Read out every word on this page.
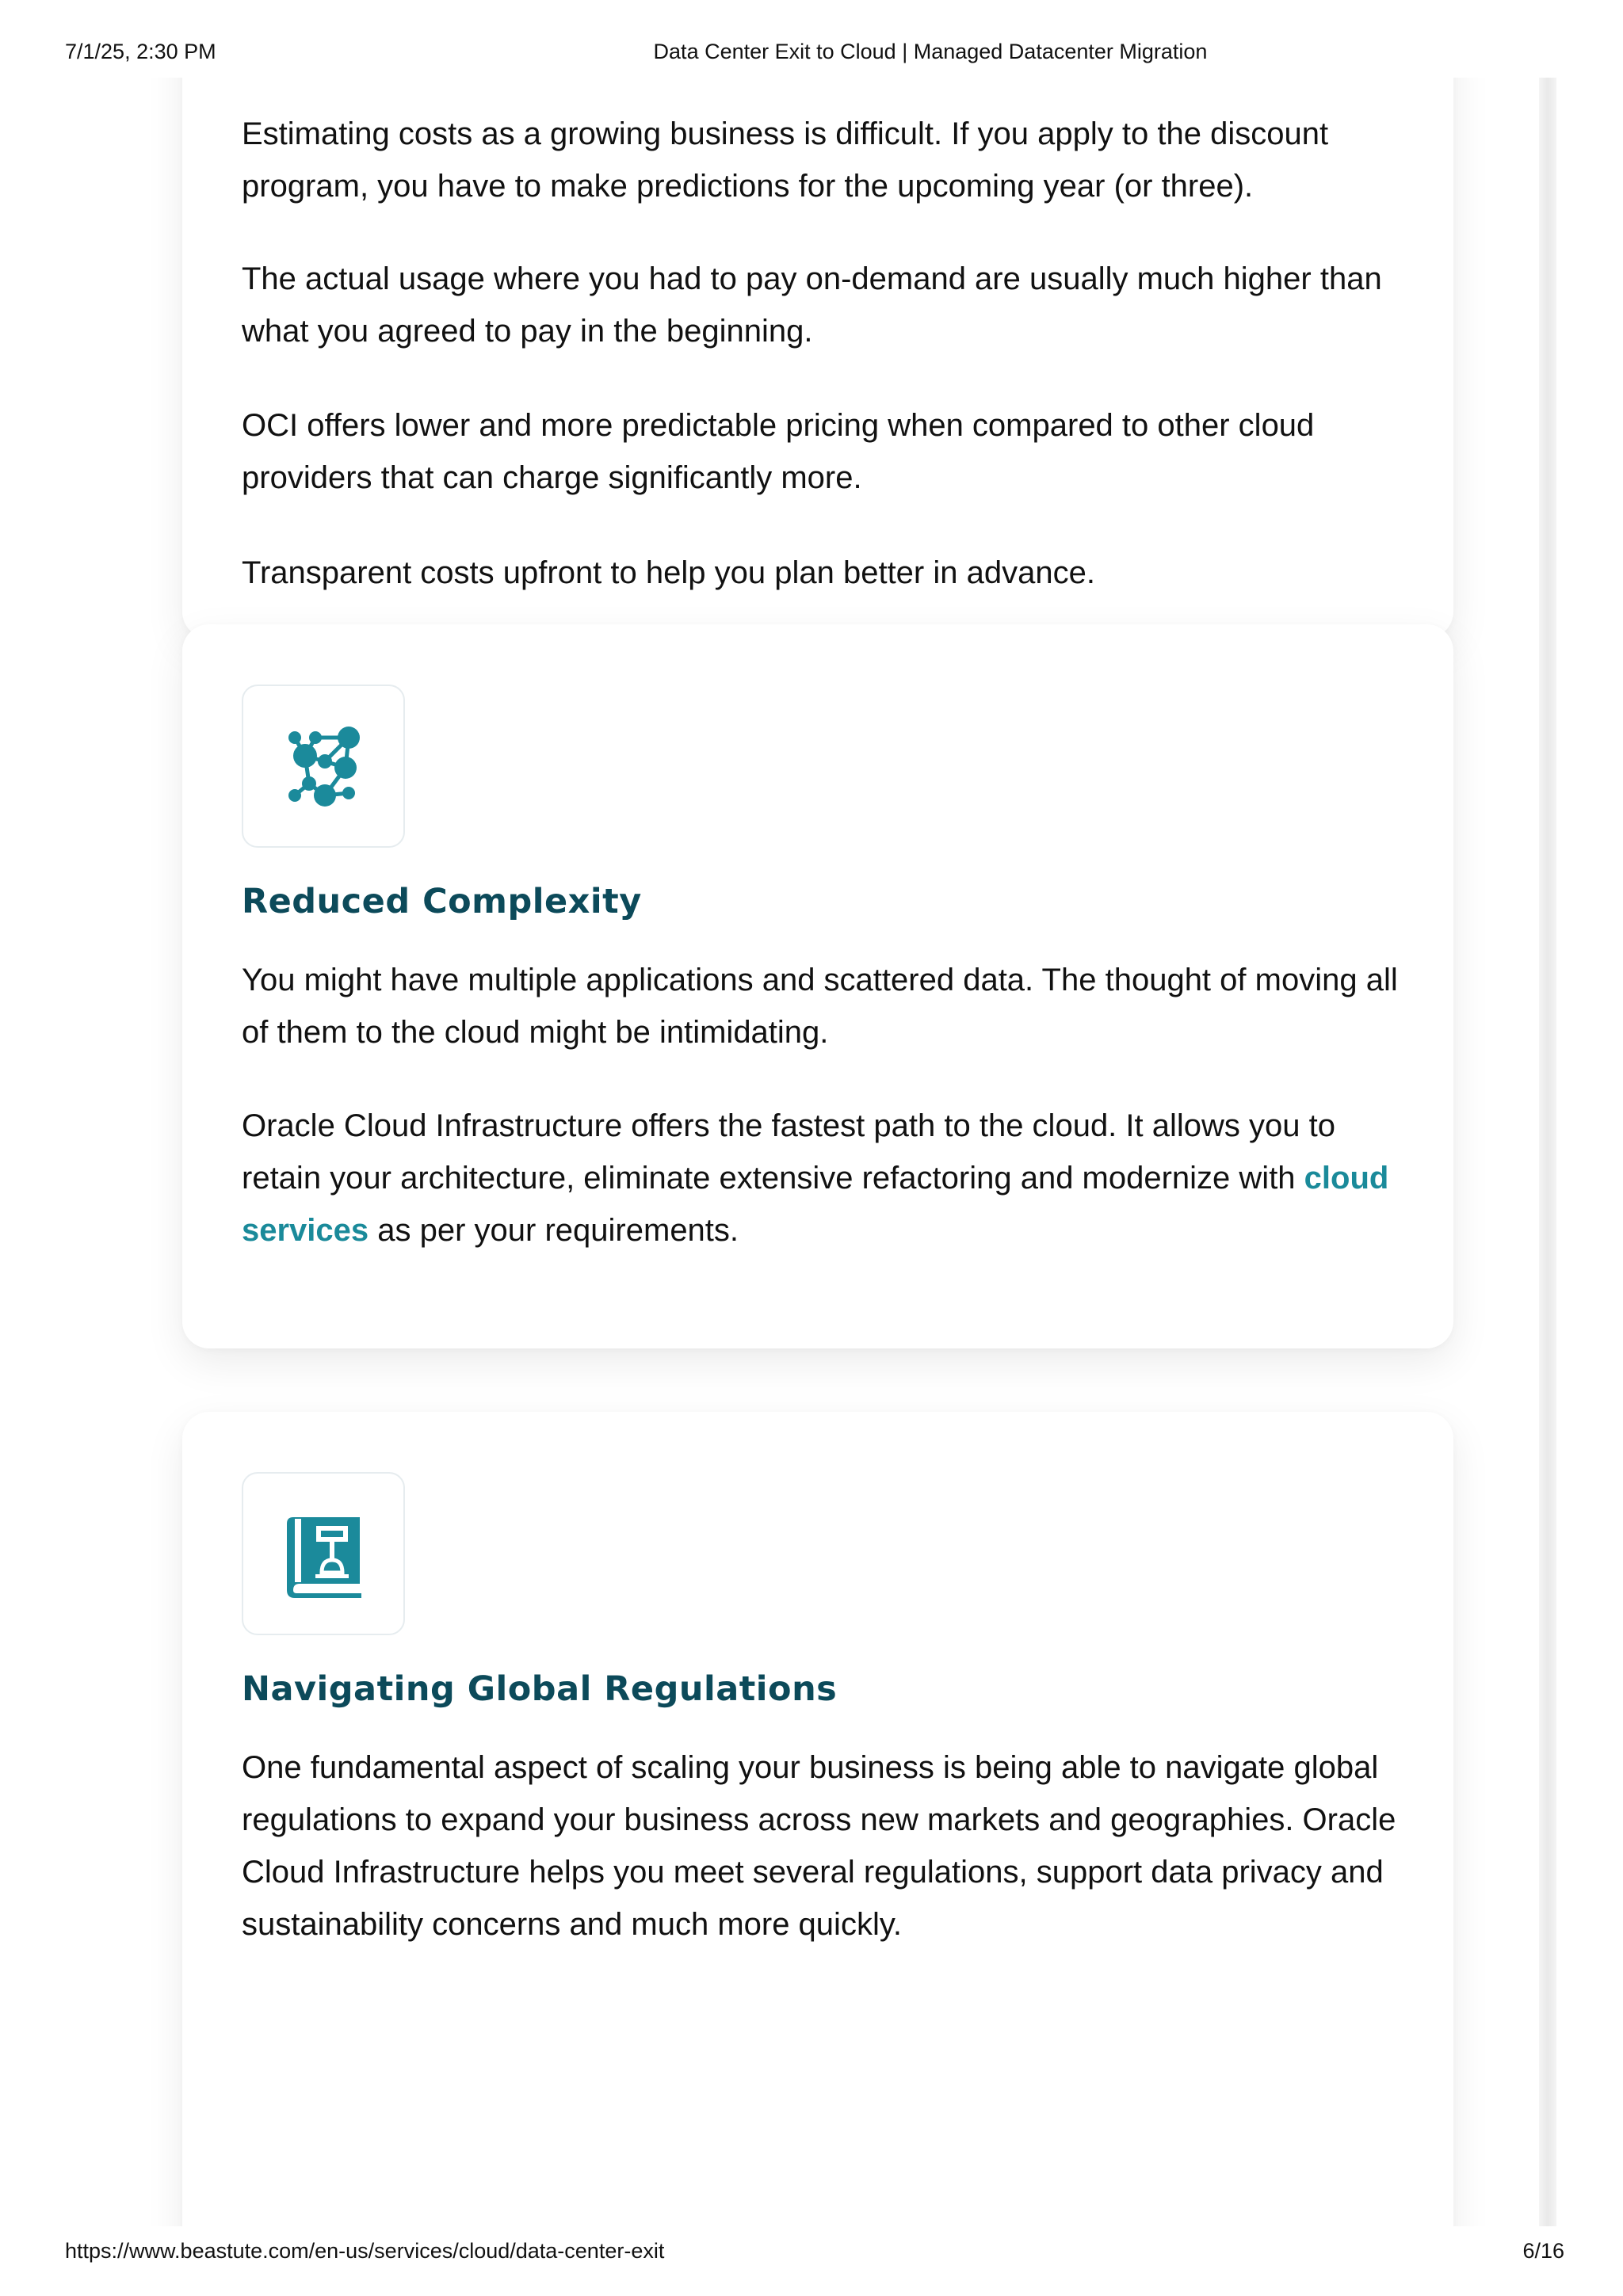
7/1/25, 2:30 PM	Data Center Exit to Cloud | Managed Datacenter Migration

Estimating costs as a growing business is difficult. If you apply to the discount program, you have to make predictions for the upcoming year (or three).

The actual usage where you had to pay on-demand are usually much higher than what you agreed to pay in the beginning.

OCI offers lower and more predictable pricing when compared to other cloud providers that can charge significantly more.

Transparent costs upfront to help you plan better in advance.

Reduced Complexity

You might have multiple applications and scattered data. The thought of moving all of them to the cloud might be intimidating.

Oracle Cloud Infrastructure offers the fastest path to the cloud. It allows you to retain your architecture, eliminate extensive refactoring and modernize with cloud services as per your requirements.

Navigating Global Regulations

One fundamental aspect of scaling your business is being able to navigate global regulations to expand your business across new markets and geographies. Oracle Cloud Infrastructure helps you meet several regulations, support data privacy and sustainability concerns and much more quickly.

https://www.beastute.com/en-us/services/cloud/data-center-exit	6/16
